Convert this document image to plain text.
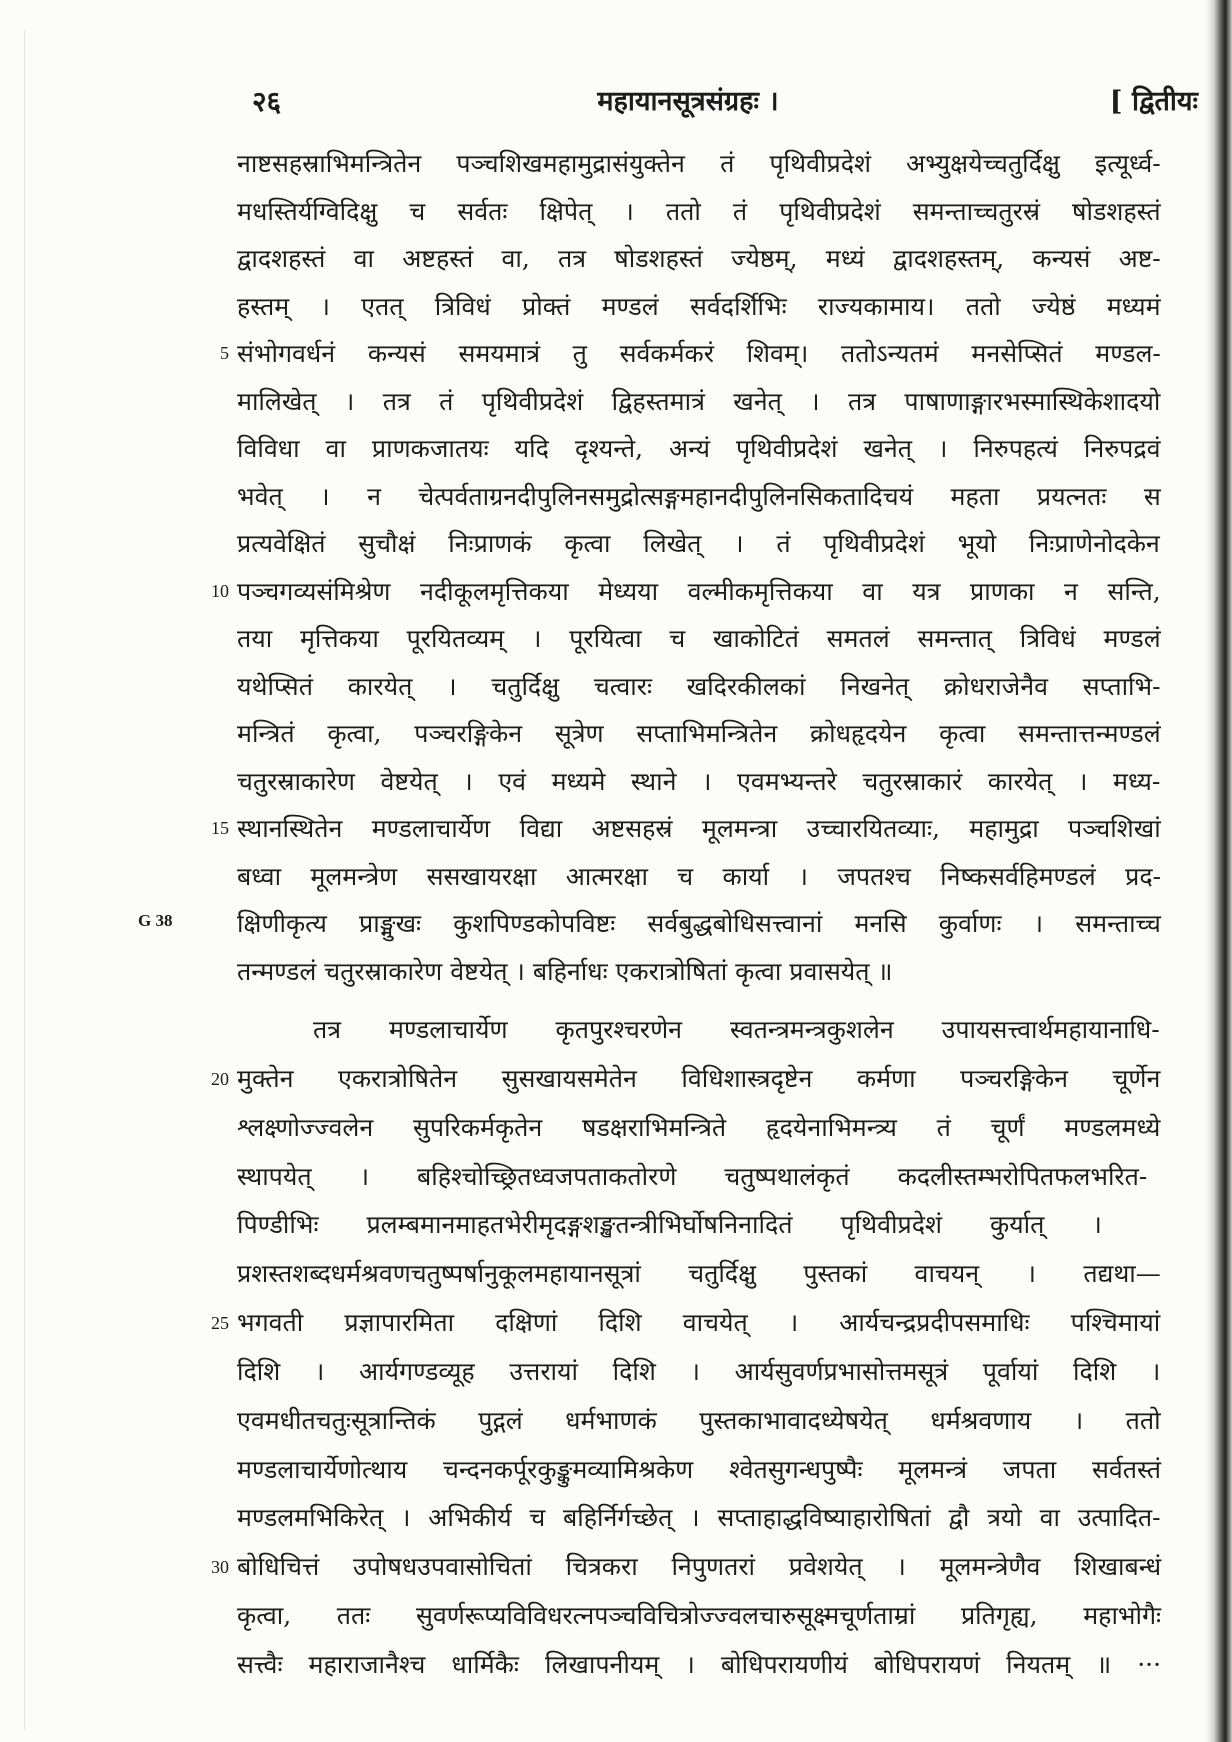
२६	महायानसूत्रसंग्रहः ।	[ द्वितीयः
G 38
नाष्टसहस्राभिमन्त्रितेन पञ्चशिखमहामुद्रासंयुक्तेन तं पृथिवीप्रदेशं अभ्युक्षयेच्चतुर्दिक्षु इत्यूर्ध्व-
मधस्तिर्यग्विदिक्षु च सर्वतः क्षिपेत् । ततो तं पृथिवीप्रदेशं समन्ताच्चतुरस्रं षोडशहस्तं
द्वादशहस्तं वा अष्टहस्तं वा, तत्र षोडशहस्तं ज्येष्ठम्, मध्यं द्वादशहस्तम्, कन्यसं अष्ट-
हस्तम् । एतत् त्रिविधं प्रोक्तं मण्डलं सर्वदर्शिभिः राज्यकामाय। ततो ज्येष्ठं मध्यमं
5 संभोगवर्धनं कन्यसं समयमात्रं तु सर्वकर्मकरं शिवम्। ततोऽन्यतमं मनसेप्सितं मण्डल-
मालिखेत् । तत्र तं पृथिवीप्रदेशं द्विहस्तमात्रं खनेत् । तत्र पाषाणाङ्गारभस्मास्थिकेशादयो
विविधा वा प्राणकजातयः यदि दृश्यन्ते, अन्यं पृथिवीप्रदेशं खनेत् । निरुपहत्यं निरुपद्रवं
भवेत् । न चेत्पर्वताग्रनदीपुलिनसमुद्रोत्सङ्गमहानदीपुलिनसिकतादिचयं महता प्रयत्नतः स
प्रत्यवेक्षितं सुचौक्षं निःप्राणकं कृत्वा लिखेत् । तं पृथिवीप्रदेशं भूयो निःप्राणेनोदकेन
10 पञ्चगव्यसंमिश्रेण नदीकूलमृत्तिकया मेध्यया वल्मीकमृत्तिकया वा यत्र प्राणका न सन्ति,
तया मृत्तिकया पूरयितव्यम् । पूरयित्वा च खाकोटितं समतलं समन्तात् त्रिविधं मण्डलं
यथेप्सितं कारयेत् । चतुर्दिक्षु चत्वारः खदिरकीलकां निखनेत् क्रोधराजेनैव सप्ताभि-
मन्त्रितं कृत्वा, पञ्चरङ्गिकेन सूत्रेण सप्ताभिमन्त्रितेन क्रोधहृदयेन कृत्वा समन्तात्तन्मण्डलं
चतुरस्राकारेण वेष्टयेत् । एवं मध्यमे स्थाने । एवमभ्यन्तरे चतुरस्राकारं कारयेत् । मध्य-
15 स्थानस्थितेन मण्डलाचार्येण विद्या अष्टसहस्रं मूलमन्त्रा उच्चारयितव्याः, महामुद्रा पञ्चशिखां
बध्वा मूलमन्त्रेण ससखायरक्षा आत्मरक्षा च कार्या । जपतश्च निष्कसर्वहिमण्डलं प्रद-
क्षिणीकृत्य प्राङ्मुखः कुशपिण्डकोपविष्टः सर्वबुद्धबोधिसत्त्वानां मनसि कुर्वाणः । समन्ताच्च
तन्मण्डलं चतुरस्राकारेण वेष्टयेत् । बहिर्नाधः एकरात्रोषितां कृत्वा प्रवासयेत् ॥
तत्र मण्डलाचार्येण कृतपुरश्चरणेन स्वतन्त्रमन्त्रकुशलेन उपायसत्त्वार्थमहायानाधि-
20 मुक्तेन एकरात्रोषितेन सुसखायसमेतेन विधिशास्त्रदृष्टेन कर्मणा पञ्चरङ्गिकेन चूर्णेन
श्लक्ष्णोज्ज्वलेन सुपरिकर्मकृतेन षडक्षराभिमन्त्रिते हृदयेनाभिमन्त्र्य तं चूर्णं मण्डलमध्ये
स्थापयेत् । बहिश्चोच्छ्रितध्वजपताकतोरणे चतुष्पथालंकृतं कदलीस्तम्भरोपितफलभरित-
पिण्डीभिः प्रलम्बमानमाहतभेरीमृदङ्गशङ्खतन्त्रीभिर्घोषनिनादितं पृथिवीप्रदेशं कुर्यात् ।
प्रशस्तशब्दधर्मश्रवणचतुष्पर्षानुकूलमहायानसूत्रां चतुर्दिक्षु पुस्तकां वाचयन् । तद्यथा—
25 भगवती प्रज्ञापारमिता दक्षिणां दिशि वाचयेत् । आर्यचन्द्रप्रदीपसमाधिः पश्चिमायां
दिशि । आर्यगण्डव्यूह उत्तरायां दिशि । आर्यसुवर्णप्रभासोत्तमसूत्रं पूर्वायां दिशि ।
एवमधीतचतुःसूत्रान्तिकं पुद्गलं धर्मभाणकं पुस्तकाभावादध्येषयेत् धर्मश्रवणाय । ततो
मण्डलाचार्येणोत्थाय चन्दनकर्पूरकुङ्कुमव्यामिश्रकेण श्वेतसुगन्धपुष्पैः मूलमन्त्रं जपता सर्वतस्तं
मण्डलमभिकिरेत् । अभिकीर्य च बहिर्निर्गच्छेत् । सप्ताहाद्धविष्याहारोषितां द्वौ त्रयो वा उत्पादित-
30 बोधिचित्तं उपोषधउपवासोचितां चित्रकरा निपुणतरां प्रवेशयेत् । मूलमन्त्रेणैव शिखाबन्धं
कृत्वा, ततः सुवर्णरूप्यविविधरत्नपञ्चविचित्रोज्ज्वलचारुसूक्ष्मचूर्णताम्रां प्रतिगृह्य, महाभोगैः
सत्त्वैः महाराजानैश्च धार्मिकैः लिखापनीयम् । बोधिपरायणीयं बोधिपरायणं नियतम् ॥ ···
